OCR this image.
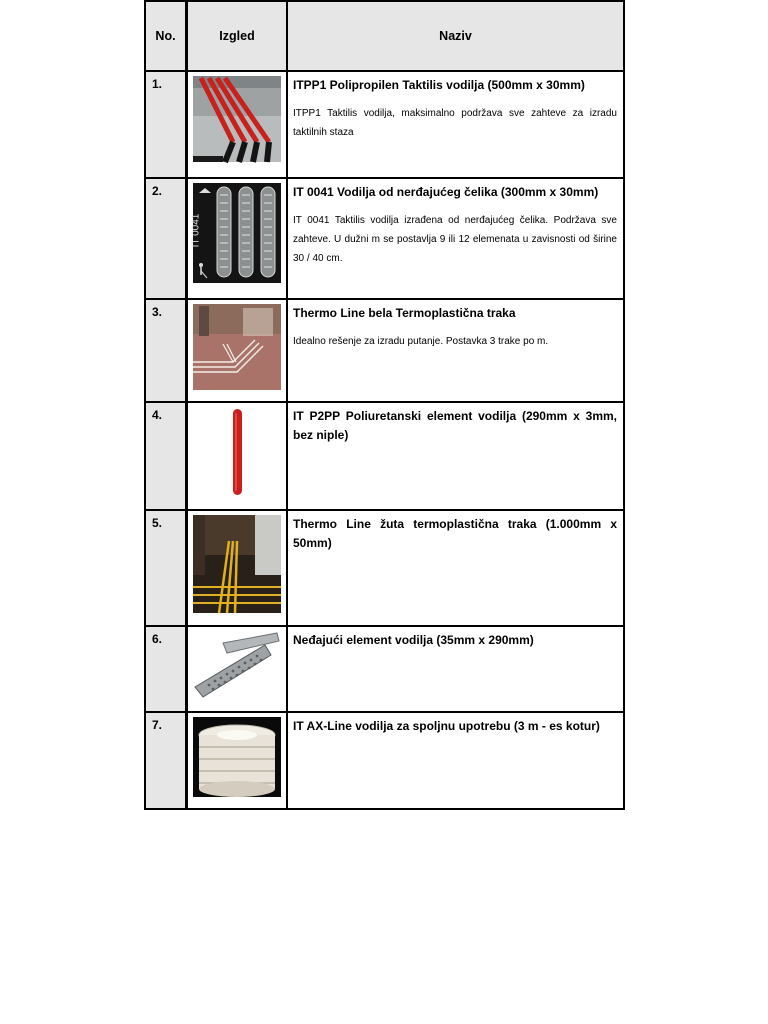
No.	Izgled	Naziv
1.		ITPP1 Polipropilen Taktilis vodilja (500mm x 30mm)
ITPP1 Taktilis vodilja, maksimalno podržava sve zahteve za izradu taktilnih staza

2.	IT 0041	IT 0041 Vodilja od nerđajućeg čelika (300mm x 30mm)
IT 0041 Taktilis vodilja izrađena od nerđajućeg čelika. Podržava sve zahteve. U dužni m se postavlja 9 ili 12 elemenata u zavisnosti od širine 30 / 40 cm.

3.		Thermo Line bela Termoplastična traka
Idealno rešenje za izradu putanje. Postavka 3 trake po m.

4.		IT P2PP Poliuretanski element vodilja (290mm x 3mm, bez niple)

5.		Thermo Line žuta termoplastična traka (1.000mm x 50mm)

6.		Neđajući element vodilja (35mm x 290mm)

7.		IT AX-Line vodilja za spoljnu upotrebu (3 m - es kotur)
